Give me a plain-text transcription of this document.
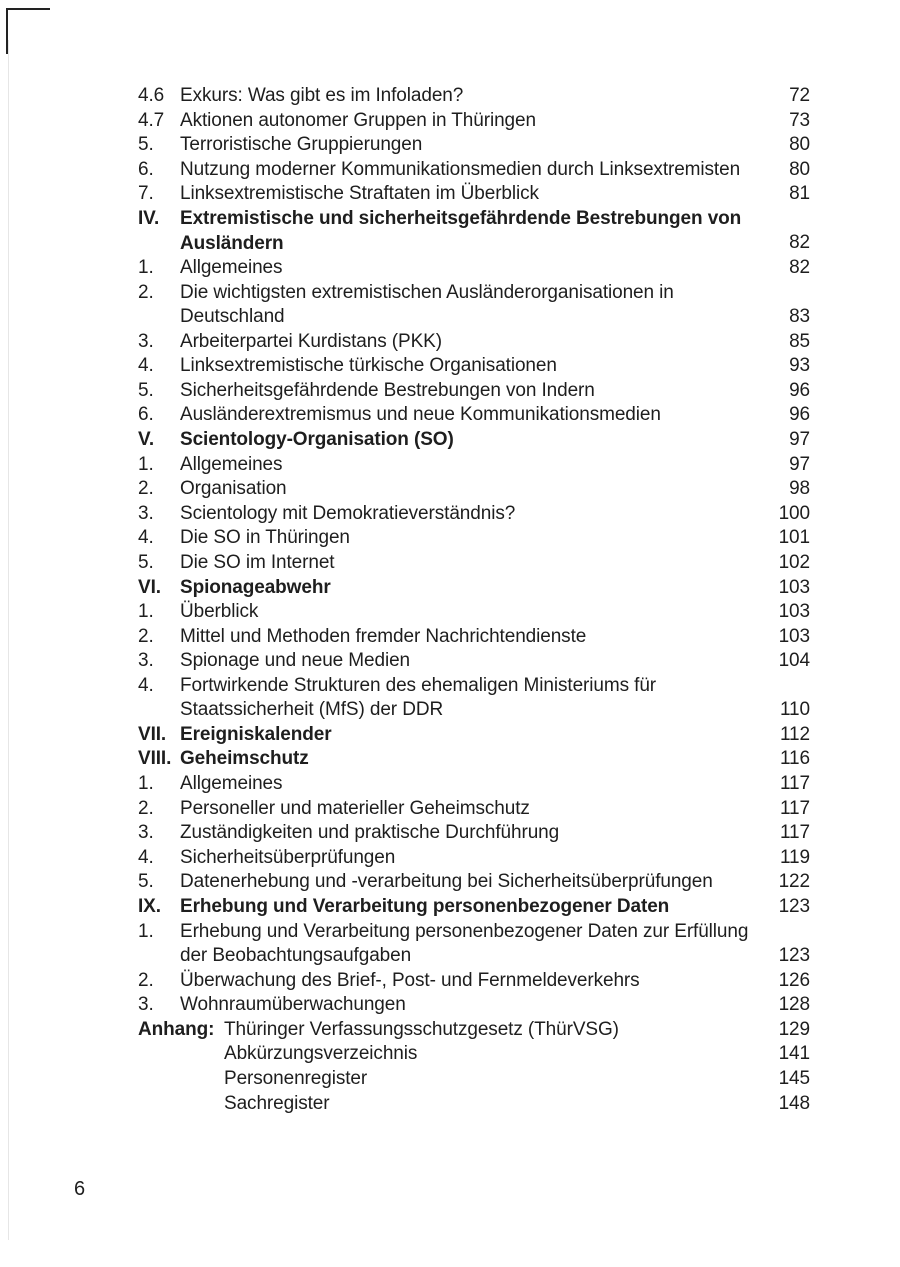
4.6 Exkurs: Was gibt es im Infoladen?	72
4.7 Aktionen autonomer Gruppen in Thüringen	73
5. Terroristische Gruppierungen	80
6. Nutzung moderner Kommunikationsmedien durch Linksextremisten	80
7. Linksextremistische Straftaten im Überblick	81
IV. Extremistische und sicherheitsgefährdende Bestrebungen von Ausländern	82
1. Allgemeines	82
2. Die wichtigsten extremistischen Ausländerorganisationen in Deutschland	83
3. Arbeiterpartei Kurdistans (PKK)	85
4. Linksextremistische türkische Organisationen	93
5. Sicherheitsgefährdende Bestrebungen von Indern	96
6. Ausländerextremismus und neue Kommunikationsmedien	96
V. Scientology-Organisation (SO)	97
1. Allgemeines	97
2. Organisation	98
3. Scientology mit Demokratieverständnis?	100
4. Die SO in Thüringen	101
5. Die SO im Internet	102
VI. Spionageabwehr	103
1. Überblick	103
2. Mittel und Methoden fremder Nachrichtendienste	103
3. Spionage und neue Medien	104
4. Fortwirkende Strukturen des ehemaligen Ministeriums für Staatssicherheit (MfS) der DDR	110
VII. Ereigniskalender	112
VIII. Geheimschutz	116
1. Allgemeines	117
2. Personeller und materieller Geheimschutz	117
3. Zuständigkeiten und praktische Durchführung	117
4. Sicherheitsüberprüfungen	119
5. Datenerhebung und -verarbeitung bei Sicherheitsüberprüfungen	122
IX. Erhebung und Verarbeitung personenbezogener Daten	123
1. Erhebung und Verarbeitung personenbezogener Daten zur Erfüllung der Beobachtungsaufgaben	123
2. Überwachung des Brief-, Post- und Fernmeldeverkehrs	126
3. Wohnraumüberwachungen	128
Anhang: Thüringer Verfassungsschutzgesetz (ThürVSG)	129
Abkürzungsverzeichnis	141
Personenregister	145
Sachregister	148
6
